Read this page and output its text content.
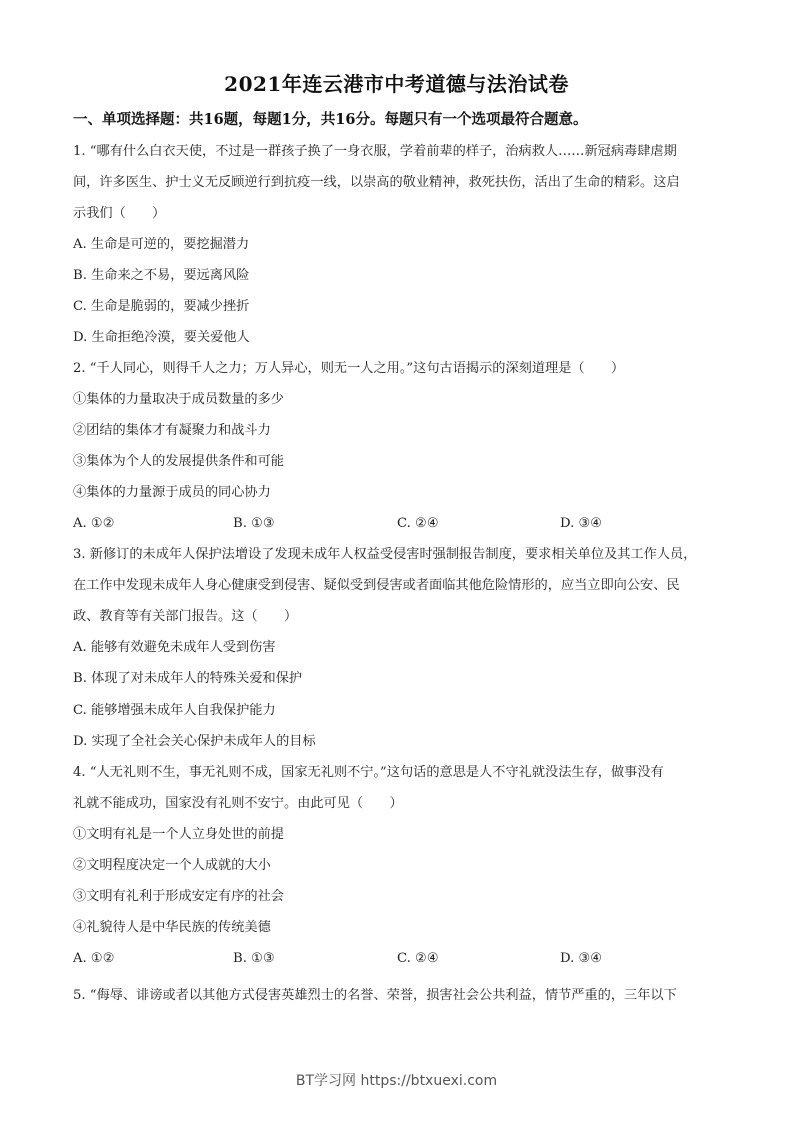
2021年连云港市中考道德与法治试卷
一、单项选择题：共16题，每题1分，共16分。每题只有一个选项最符合题意。
1. “哪有什么白衣天使，不过是一群孩子换了一身衣服，学着前辈的样子，治病救人……新冠病毒肆虐期
间，许多医生、护士义无反顾逆行到抗疫一线，以崇高的敬业精神，救死扶伤，活出了生命的精彩。这启
示我们（　　）
A. 生命是可逆的，要挖掘潜力
B. 生命来之不易，要远离风险
C. 生命是脆弱的，要减少挫折
D. 生命拒绝冷漠，要关爱他人
2. “千人同心，则得千人之力；万人异心，则无一人之用。”这句古语揭示的深刻道理是（　　）
①集体的力量取决于成员数量的多少
②团结的集体才有凝聚力和战斗力
③集体为个人的发展提供条件和可能
④集体的力量源于成员的同心协力
A. ①②	B. ①③	C. ②④	D. ③④
3. 新修订的未成年人保护法增设了发现未成年人权益受侵害时强制报告制度，要求相关单位及其工作人员，
在工作中发现未成年人身心健康受到侵害、疑似受到侵害或者面临其他危险情形的，应当立即向公安、民
政、教育等有关部门报告。这（　　）
A. 能够有效避免未成年人受到伤害
B. 体现了对未成年人的特殊关爱和保护
C. 能够增强未成年人自我保护能力
D. 实现了全社会关心保护未成年人的目标
4. “人无礼则不生，事无礼则不成，国家无礼则不宁。”这句话的意思是人不守礼就没法生存，做事没有
礼就不能成功，国家没有礼则不安宁。由此可见（　　）
①文明有礼是一个人立身处世的前提
②文明程度决定一个人成就的大小
③文明有礼利于形成安定有序的社会
④礼貌待人是中华民族的传统美德
A. ①②	B. ①③	C. ②④	D. ③④
5. “侮辱、诽谤或者以其他方式侵害英雄烈士的名誉、荣誉，损害社会公共利益，情节严重的，三年以下
BT学习网 https://btxuexi.com
